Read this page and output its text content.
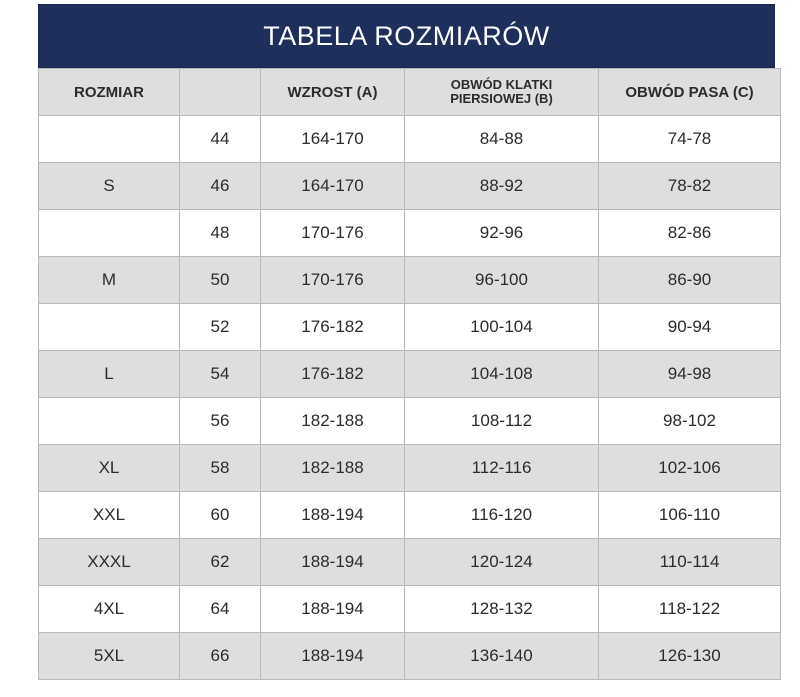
TABELA ROZMIARÓW
ROZMIAR		WZROST (A)	OBWÓD KLATKI
PIERSIOWEJ (B)	OBWÓD PASA (C)
	44	164-170	84-88	74-78
S	46	164-170	88-92	78-82
	48	170-176	92-96	82-86
M	50	170-176	96-100	86-90
	52	176-182	100-104	90-94
L	54	176-182	104-108	94-98
	56	182-188	108-112	98-102
XL	58	182-188	112-116	102-106
XXL	60	188-194	116-120	106-110
XXXL	62	188-194	120-124	110-114
4XL	64	188-194	128-132	118-122
5XL	66	188-194	136-140	126-130
